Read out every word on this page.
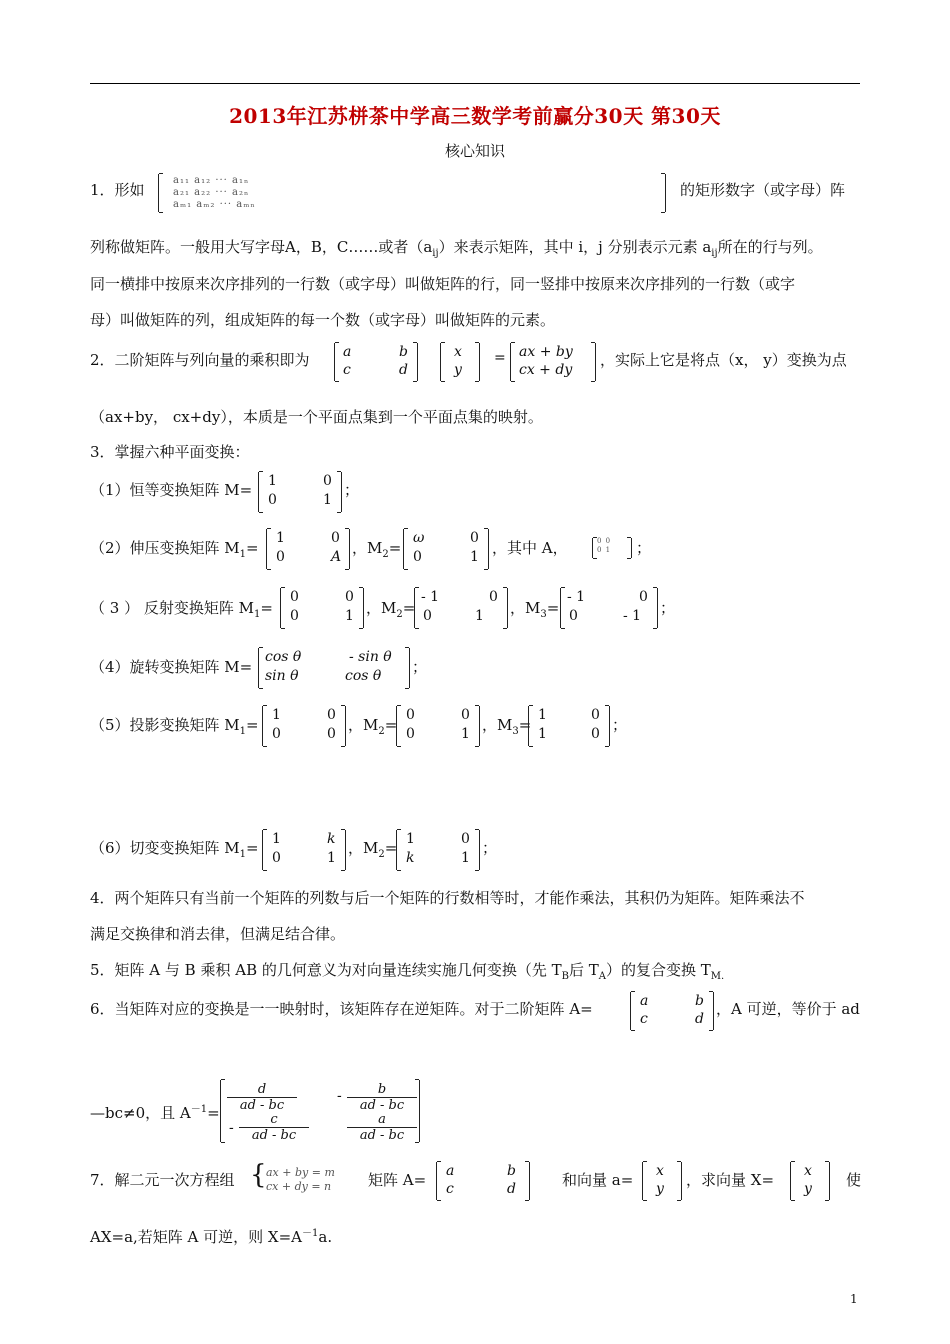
2013年江苏栟茶中学高三数学考前赢分30天 第30天
核心知识
1．形如
a₁₁ a₁₂ ··· a₁ₙ
a₂₁ a₂₂ ··· a₂ₙ
aₘ₁ aₘ₂ ··· aₘₙ
的矩形数字（或字母）阵
列称做矩阵。一般用大写字母A，B，C……或者$(a_{ij})$来表示矩阵，其中 i，j 分别表示元素 $a_{ij}$所在的行与列。
同一横排中按原来次序排列的一行数（或字母）叫做矩阵的行，同一竖排中按原来次序排列的一行数（或字
母）叫做矩阵的列，组成矩阵的每一个数（或字母）叫做矩阵的元素。
2．二阶矩阵与列向量的乘积即为 a	b
c	d
x
y
= ax + by
cx + dy
，实际上它是将点（x， y）变换为点
（ax+by， cx+dy），本质是一个平面点集到一个平面点集的映射。
3．掌握六种平面变换：
（1）恒等变换矩阵 M= 1	0
0	1
；
（2）伸压变换矩阵 $M_1=$
1	0
0	A ，$M_2=$
ω	0
0	1 ，其中 A，	0 0
0 1 ；
（ 3 ） 反射变换矩阵 $M_1=$
0	0
0	1 ，$M_2=$
- 1	0
0	1 ，$M_3=$
- 1	0
0	- 1 ；
（4）旋转变换矩阵 M=
cos θ	- sin θ
sin θ	cos θ ；
（5）投影变换矩阵 $M_1=$
1	0
0	0 ，$M_2=$
0	0
0	1 ，$M_3=$
1	0
1	0 ；
（6）切变变换矩阵 $M_1= 1$	k
0	1
，$M_2= 1$	0
k	1
；
4．两个矩阵只有当前一个矩阵的列数与后一个矩阵的行数相等时，才能作乘法，其积仍为矩阵。矩阵乘法不
满足交换律和消去律，但满足结合律。
5．矩阵 A 与 B 乘积 AB 的几何意义为对向量连续实施几何变换（先 $T_B$后 $T_A$）的复合变换 $T_{M.}$
6．当矩阵对应的变换是一一映射时，该矩阵存在逆矩阵。对于二阶矩阵 A=	a	b
c	d
，A 可逆，等价于 ad
—bc≠0，且 $A^{-1}= \frac{d}{ad - bc}$	- $\frac{b}{ad - bc}$
- $\frac{c}{ad - bc}$	$\frac{a}{ad - bc}$
7．解二元一次方程组 { ax + by = m
cx + dy = n 矩阵 A= a	b
c	d	和向量 a= x
y ，求向量 X= x
y 使
AX=a,若矩阵 A 可逆，则 $X=A^{-1}a$.
1
